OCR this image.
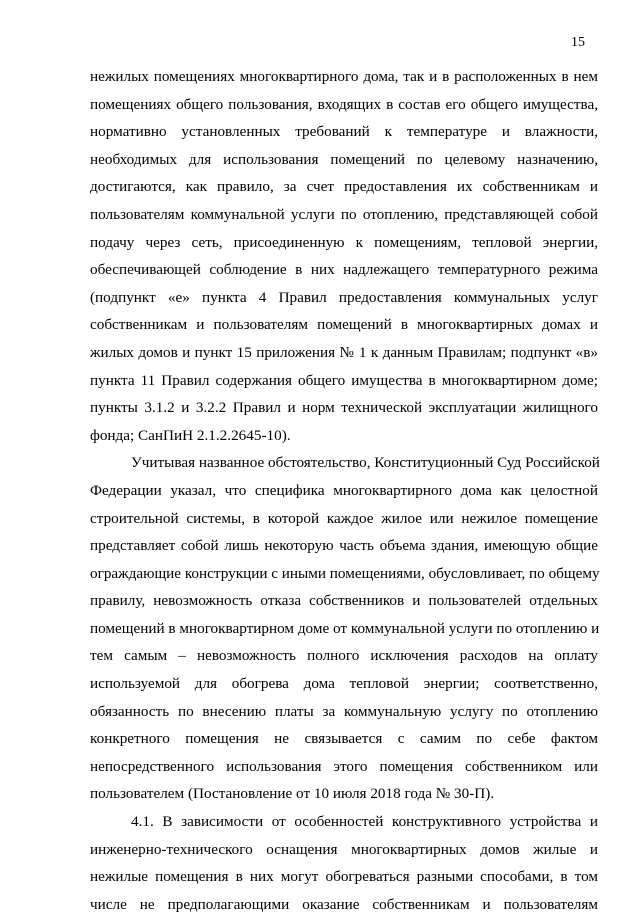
15
нежилых помещениях многоквартирного дома, так и в расположенных в нем
помещениях общего пользования, входящих в состав его общего имущества,
нормативно установленных требований к температуре и влажности,
необходимых для использования помещений по целевому назначению,
достигаются, как правило, за счет предоставления их собственникам и
пользователям коммунальной услуги по отоплению, представляющей собой
подачу через сеть, присоединенную к помещениям, тепловой энергии,
обеспечивающей соблюдение в них надлежащего температурного режима
(подпункт «е» пункта 4 Правил предоставления коммунальных услуг
собственникам и пользователям помещений в многоквартирных домах и
жилых домов и пункт 15 приложения № 1 к данным Правилам; подпункт «в»
пункта 11 Правил содержания общего имущества в многоквартирном доме;
пункты 3.1.2 и 3.2.2 Правил и норм технической эксплуатации жилищного
фонда; СанПиН 2.1.2.2645-10).
Учитывая названное обстоятельство, Конституционный Суд Российской
Федерации указал, что специфика многоквартирного дома как целостной
строительной системы, в которой каждое жилое или нежилое помещение
представляет собой лишь некоторую часть объема здания, имеющую общие
ограждающие конструкции с иными помещениями, обусловливает, по общему
правилу, невозможность отказа собственников и пользователей отдельных
помещений в многоквартирном доме от коммунальной услуги по отоплению и
тем самым – невозможность полного исключения расходов на оплату
используемой для обогрева дома тепловой энергии; соответственно,
обязанность по внесению платы за коммунальную услугу по отоплению
конкретного помещения не связывается с самим по себе фактом
непосредственного использования этого помещения собственником или
пользователем (Постановление от 10 июля 2018 года № 30-П).
4.1. В зависимости от особенностей конструктивного устройства и
инженерно-технического оснащения многоквартирных домов жилые и
нежилые помещения в них могут обогреваться разными способами, в том
числе не предполагающими оказание собственникам и пользователям
